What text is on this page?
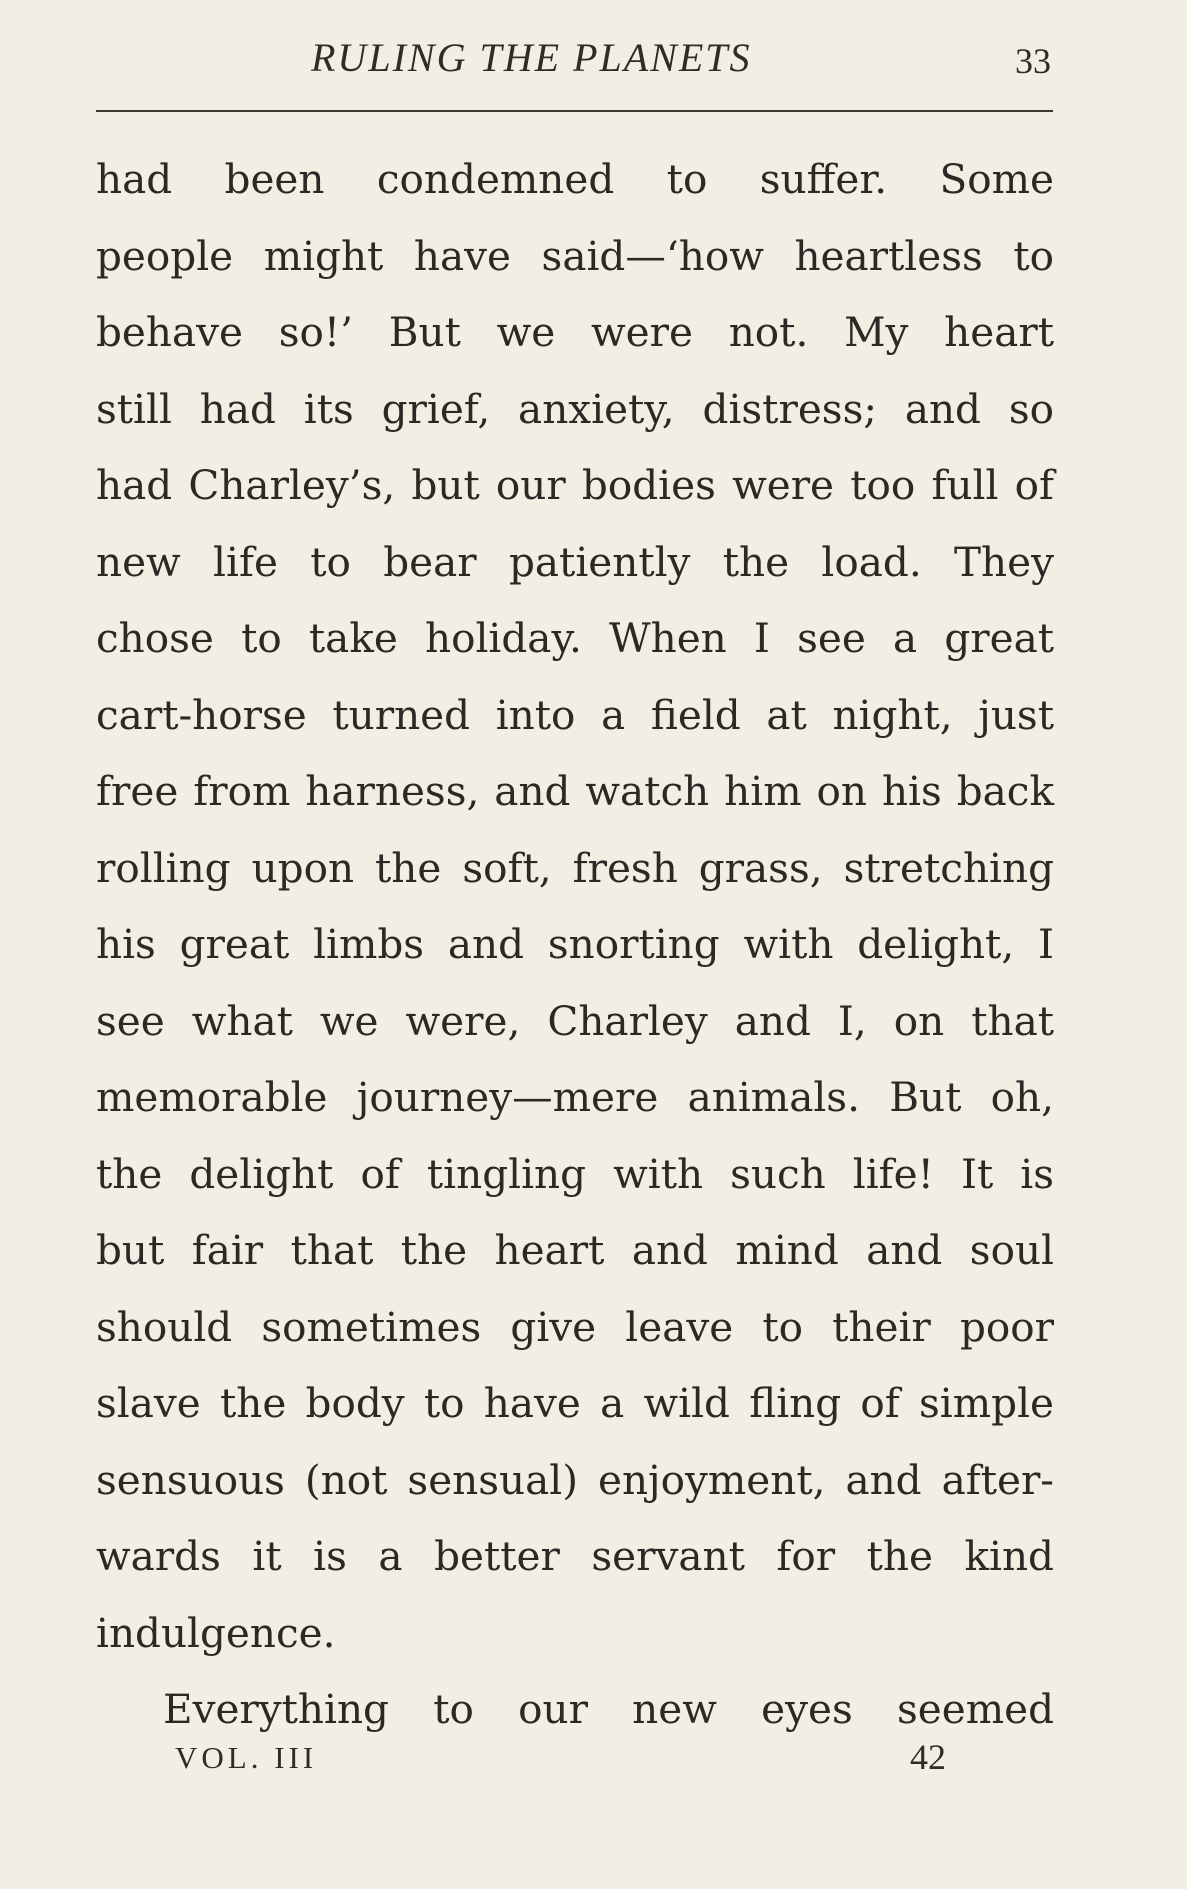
RULING THE PLANETS	33
had been condemned to suffer. Some
people might have said—‘how heartless to
behave so!’ But we were not. My heart
still had its grief, anxiety, distress; and so
had Charley’s, but our bodies were too full of
new life to bear patiently the load. They
chose to take holiday. When I see a great
cart-horse turned into a field at night, just
free from harness, and watch him on his back
rolling upon the soft, fresh grass, stretching
his great limbs and snorting with delight, I
see what we were, Charley and I, on that
memorable journey—mere animals. But oh,
the delight of tingling with such life! It is
but fair that the heart and mind and soul
should sometimes give leave to their poor
slave the body to have a wild fling of simple
sensuous (not sensual) enjoyment, and after-
wards it is a better servant for the kind
indulgence.
Everything to our new eyes seemed
VOL. III	42
